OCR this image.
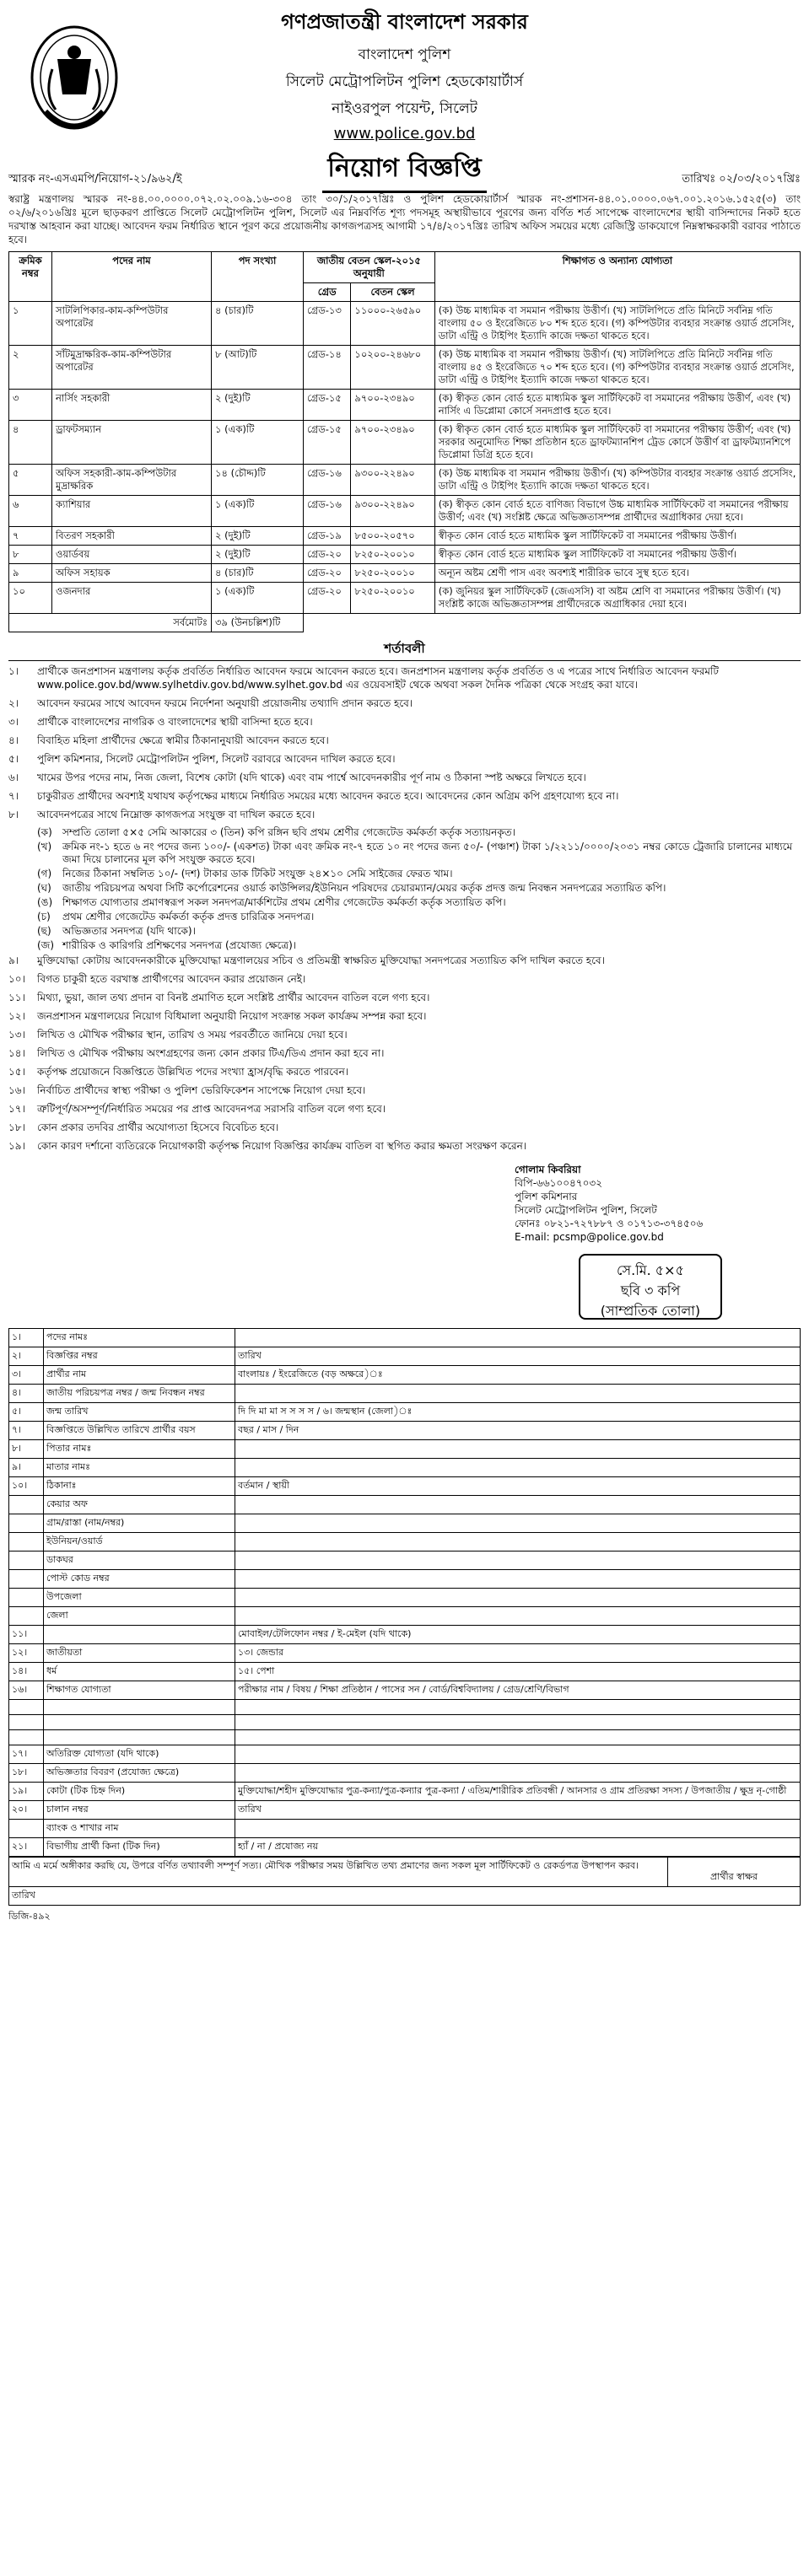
গণপ্রজাতন্ত্রী বাংলাদেশ সরকার
বাংলাদেশ পুলিশ
সিলেট মেট্রোপলিটন পুলিশ হেডকোয়ার্টার্স
নাইওরপুল পয়েন্ট, সিলেট
www.police.gov.bd
নিয়োগ বিজ্ঞপ্তি
স্মারক নং-এসএমপি/নিয়োগ-২১/৯৬২/ই	তারিখঃ ০২/০৩/২০১৭খ্রিঃ
স্বরাষ্ট্র মন্ত্রণালয় স্মারক নং-৪৪.০০.০০০০.০৭২.০২.০০৯.১৬-৩০৪ তাং ৩০/১/২০১৭খ্রিঃ ও পুলিশ হেডকোয়ার্টার্স স্মারক নং-প্রশাসন-৪৪.০১.০০০০.০৬৭.০০১.২০১৬.১৫২৫(৩) তাং ০২/৬/২০১৬খ্রিঃ মূলে ছাড়করণ প্রাপ্তিতে সিলেট মেট্রোপলিটন পুলিশ, সিলেট এর নিম্নবর্ণিত শূণ্য পদসমূহ অস্থায়ীভাবে পূরণের জন্য বর্ণিত শর্ত সাপেক্ষে বাংলাদেশের স্থায়ী বাসিন্দাদের নিকট হতে দরখাস্ত আহবান করা যাচ্ছে। আবেদন ফরম নির্ধারিত স্থানে পূরণ করে প্রয়োজনীয় কাগজপত্রসহ আগামী ১৭/৪/২০১৭খ্রিঃ তারিখ অফিস সময়ের মধ্যে রেজিস্ট্রি ডাকযোগে নিম্নস্বাক্ষরকারী বরাবর পাঠাতে হবে।
ক্রমিক নম্বর	পদের নাম	পদ সংখ্যা	জাতীয় বেতন স্কেল-২০১৫ অনুযায়ী		শিক্ষাগত ও অন্যান্য যোগ্যতা
			গ্রেড	বেতন স্কেল	
১	সাটলিপিকার-কাম-কম্পিউটার অপারেটর	৪ (চার)টি	গ্রেড-১৩	১১০০০-২৬৫৯০	(ক) উচ্চ মাধ্যমিক বা সমমান পরীক্ষায় উত্তীর্ণ। (খ) সাটলিপিতে প্রতি মিনিটে সর্বনিম্ন গতি বাংলায় ৫০ ও ইংরেজিতে ৮০ শব্দ হতে হবে। (গ) কম্পিউটার ব্যবহার সংক্রান্ত ওয়ার্ড প্রসেসিং, ডাটা এন্ট্রি ও টাইপিং ইত্যাদি কাজে দক্ষতা থাকতে হবে।
২	সাঁটমুদ্রাক্ষরিক-কাম-কম্পিউটার অপারেটর	৮ (আট)টি	গ্রেড-১৪	১০২০০-২৪৬৮০	(ক) উচ্চ মাধ্যমিক বা সমমান পরীক্ষায় উত্তীর্ণ। (খ) সাটলিপিতে প্রতি মিনিটে সর্বনিম্ন গতি বাংলায় ৪৫ ও ইংরেজিতে ৭০ শব্দ হতে হবে। (গ) কম্পিউটার ব্যবহার সংক্রান্ত ওয়ার্ড প্রসেসিং, ডাটা এন্ট্রি ও টাইপিং ইত্যাদি কাজে দক্ষতা থাকতে হবে।
৩	নার্সিং সহকারী	২ (দুই)টি	গ্রেড-১৫	৯৭০০-২৩৪৯০	(ক) স্বীকৃত কোন বোর্ড হতে মাধ্যমিক স্কুল সার্টিফিকেট বা সমমানের পরীক্ষায় উত্তীর্ণ, এবং (খ) নার্সিং এ ডিপ্লোমা কোর্সে সনদপ্রাপ্ত হতে হবে।
৪	ড্রাফটসম্যান	১ (এক)টি	গ্রেড-১৫	৯৭০০-২৩৪৯০	(ক) স্বীকৃত কোন বোর্ড হতে মাধ্যমিক স্কুল সার্টিফিকেট বা সমমানের পরীক্ষায় উত্তীর্ণ; এবং (খ) সরকার অনুমোদিত শিক্ষা প্রতিষ্ঠান হতে ড্রাফটম্যানশিপ ট্রেড কোর্সে উত্তীর্ণ বা ড্রাফটম্যানশিপে ডিপ্লোমা ডিগ্রি হতে হবে।
৫	অফিস সহকারী-কাম-কম্পিউটার মুদ্রাক্ষরিক	১৪ (চৌদ্দ)টি	গ্রেড-১৬	৯৩০০-২২৪৯০	(ক) উচ্চ মাধ্যমিক বা সমমান পরীক্ষায় উত্তীর্ণ। (খ) কম্পিউটার ব্যবহার সংক্রান্ত ওয়ার্ড প্রসেসিং, ডাটা এন্ট্রি ও টাইপিং ইত্যাদি কাজে দক্ষতা থাকতে হবে।
৬	ক্যাশিয়ার	১ (এক)টি	গ্রেড-১৬	৯৩০০-২২৪৯০	(ক) স্বীকৃত কোন বোর্ড হতে বাণিজ্য বিভাগে উচ্চ মাধ্যমিক সার্টিফিকেট বা সমমানের পরীক্ষায় উত্তীর্ণ; এবং (খ) সংশ্লিষ্ট ক্ষেত্রে অভিজ্ঞতাসম্পন্ন প্রার্থীদের অগ্রাধিকার দেয়া হবে।
৭	বিতরণ সহকারী	২ (দুই)টি	গ্রেড-১৯	৮৫০০-২০৫৭০	স্বীকৃত কোন বোর্ড হতে মাধ্যমিক স্কুল সার্টিফিকেট বা সমমানের পরীক্ষায় উত্তীর্ণ।
৮	ওয়ার্ডবয়	২ (দুই)টি	গ্রেড-২০	৮২৫০-২০০১০	স্বীকৃত কোন বোর্ড হতে মাধ্যমিক স্কুল সার্টিফিকেট বা সমমানের পরীক্ষায় উত্তীর্ণ।
৯	অফিস সহায়ক	৪ (চার)টি	গ্রেড-২০	৮২৫০-২০০১০	অন্যূন অষ্টম শ্রেণী পাস এবং অবশ্যই শারীরিক ভাবে সুস্থ হতে হবে।
১০	ওজনদার	১ (এক)টি	গ্রেড-২০	৮২৫০-২০০১০	(ক) জুনিয়র স্কুল সার্টিফিকেট (জেএসসি) বা অষ্টম শ্রেণি বা সমমানের পরীক্ষায় উত্তীর্ণ। (খ) সংশ্লিষ্ট কাজে অভিজ্ঞতাসম্পন্ন প্রার্থীদেরকে অগ্রাধিকার দেয়া হবে।
সর্বমোটঃ		৩৯ (উনচল্লিশ)টি			
শর্তাবলী
১।	প্রার্থীকে জনপ্রশাসন মন্ত্রণালয় কর্তৃক প্রবর্তিত নির্ধারিত আবেদন ফরমে আবেদন করতে হবে। জনপ্রশাসন মন্ত্রণালয় কর্তৃক প্রবর্তিত ও এ পত্রের সাথে নির্ধারিত আবেদন ফরমটি www.police.gov.bd/www.sylhetdiv.gov.bd/www.sylhet.gov.bd এর ওয়েবসাইট থেকে অথবা সকল দৈনিক পত্রিকা থেকে সংগ্রহ করা যাবে।
২।	আবেদন ফরমের সাথে আবেদন ফরমে নির্দেশনা অনুযায়ী প্রয়োজনীয় তথ্যাদি প্রদান করতে হবে।
৩।	প্রার্থীকে বাংলাদেশের নাগরিক ও বাংলাদেশের স্থায়ী বাসিন্দা হতে হবে।
৪।	বিবাহিত মহিলা প্রার্থীদের ক্ষেত্রে স্বামীর ঠিকানানুযায়ী আবেদন করতে হবে।
৫।	পুলিশ কমিশনার, সিলেট মেট্রোপলিটন পুলিশ, সিলেট বরাবরে আবেদন দাখিল করতে হবে।
৬।	খামের উপর পদের নাম, নিজ জেলা, বিশেষ কোটা (যদি থাকে) এবং বাম পার্শ্বে আবেদনকারীর পূর্ণ নাম ও ঠিকানা স্পষ্ট অক্ষরে লিখতে হবে।
৭।	চাকুরীরত প্রার্থীদের অবশ্যই যথাযথ কর্তৃপক্ষের মাধ্যমে নির্ধারিত সময়ের মধ্যে আবেদন করতে হবে। আবেদনের কোন অগ্রিম কপি গ্রহণযোগ্য হবে না।
৮।	আবেদনপত্রের সাথে নিম্নোক্ত কাগজপত্র সংযুক্ত বা দাখিল করতে হবে।
(ক)	সম্প্রতি তোলা ৫×৫ সেমি আকারের ৩ (তিন) কপি রঙ্গিন ছবি প্রথম শ্রেণীর গেজেটেড কর্মকর্তা কর্তৃক সত্যায়নকৃত।
(খ)	ক্রমিক নং-১ হতে ৬ নং পদের জন্য ১০০/- (একশত) টাকা এবং ক্রমিক নং-৭ হতে ১০ নং পদের জন্য ৫০/- (পঞ্চাশ) টাকা ১/২২১১/০০০০/২০৩১ নম্বর কোডে ট্রেজারি চালানের মাধ্যমে জমা দিয়ে চালানের মূল কপি সংযুক্ত করতে হবে।
(গ)	নিজের ঠিকানা সম্বলিত ১০/- (দশ) টাকার ডাক টিকিট সংযুক্ত ২৪×১০ সেমি সাইজের ফেরত খাম।
(ঘ)	জাতীয় পরিচয়পত্র অথবা সিটি কর্পোরেশনের ওয়ার্ড কাউন্সিলর/ইউনিয়ন পরিষদের চেয়ারম্যান/মেয়র কর্তৃক প্রদত্ত জন্ম নিবন্ধন সনদপত্রের সত্যায়িত কপি।
(ঙ) শিক্ষাগত যোগ্যতার প্রমাণস্বরূপ সকল সনদপত্র/মার্কশিটের প্রথম শ্রেণীর গেজেটেড কর্মকর্তা কর্তৃক সত্যায়িত কপি।
(চ)	প্রথম শ্রেণীর গেজেটেড কর্মকর্তা কর্তৃক প্রদত্ত চারিত্রিক সনদপত্র।
(ছ)	অভিজ্ঞতার সনদপত্র (যদি থাকে)।
(জ) শারীরিক ও কারিগরি প্রশিক্ষণের সনদপত্র (প্রযোজ্য ক্ষেত্রে)।
৯।	মুক্তিযোদ্ধা কোটায় আবেদনকারীকে মুক্তিযোদ্ধা মন্ত্রণালয়ের সচিব ও প্রতিমন্ত্রী স্বাক্ষরিত মুক্তিযোদ্ধা সনদপত্রের সত্যায়িত কপি দাখিল করতে হবে।
১০।	বিগত চাকুরী হতে বরখাস্ত প্রার্থীগণের আবেদন করার প্রয়োজন নেই।
১১।	মিথ্যা, ভুয়া, জাল তথ্য প্রদান বা বিনষ্ট প্রমাণিত হলে সংশ্লিষ্ট প্রার্থীর আবেদন বাতিল বলে গণ্য হবে।
১২।	জনপ্রশাসন মন্ত্রণালয়ের নিয়োগ বিধিমালা অনুযায়ী নিয়োগ সংক্রান্ত সকল কার্যক্রম সম্পন্ন করা হবে।
১৩।	লিখিত ও মৌখিক পরীক্ষার স্থান, তারিখ ও সময় পরবর্তীতে জানিয়ে দেয়া হবে।
১৪।	লিখিত ও মৌখিক পরীক্ষায় অংশগ্রহণের জন্য কোন প্রকার টিএ/ডিএ প্রদান করা হবে না।
১৫।	কর্তৃপক্ষ প্রয়োজনে বিজ্ঞপ্তিতে উল্লিখিত পদের সংখ্যা হ্রাস/বৃদ্ধি করতে পারবেন।
১৬।	নির্বাচিত প্রার্থীদের স্বাস্থ্য পরীক্ষা ও পুলিশ ভেরিফিকেশন সাপেক্ষে নিয়োগ দেয়া হবে।
১৭।	ত্রুটিপূর্ণ/অসম্পূর্ণ/নির্ধারিত সময়ের পর প্রাপ্ত আবেদনপত্র সরাসরি বাতিল বলে গণ্য হবে।
১৮।	কোন প্রকার তদবির প্রার্থীর অযোগ্যতা হিসেবে বিবেচিত হবে।
১৯।	কোন কারণ দর্শানো ব্যতিরেকে নিয়োগকারী কর্তৃপক্ষ নিয়োগ বিজ্ঞপ্তির কার্যক্রম বাতিল বা স্থগিত করার ক্ষমতা সংরক্ষণ করেন।
গোলাম কিবরিয়া
বিপি-৬৬১০০৪৭০৩২
পুলিশ কমিশনার
সিলেট মেট্রোপলিটন পুলিশ, সিলেট
ফোনঃ ০৮২১-৭২৭৮৮৭ ও ০১৭১৩-৩৭৪৫০৬
E-mail: pcsmp@police.gov.bd
সে.মি. ৫×৫
ছবি ৩ কপি
(সাম্প্রতিক তোলা)
১।	পদের নামঃ	
২।	বিজ্ঞপ্তির নম্বর	তারিখ
৩।	প্রার্থীর নাম	বাংলায়ঃ / ইংরেজিতে (বড় অক্ষরে)ঃ
৪।	জাতীয় পরিচয়পত্র নম্বর / জন্ম নিবন্ধন নম্বর	
৫।	জন্ম তারিখ	দি দি মা মা স স স স / ৬। জন্মস্থান (জেলা)ঃ
৭।	বিজ্ঞপ্তিতে উল্লিখিত তারিখে প্রার্থীর বয়স	বছর / মাস / দিন
৮।	পিতার নামঃ	
৯।	মাতার নামঃ	
১০।	ঠিকানাঃ	বর্তমান / স্থায়ী
	কেয়ার অফ	
	গ্রাম/রাস্তা (নাম/নম্বর)	
	ইউনিয়ন/ওয়ার্ড	
	ডাকঘর	
	পোস্ট কোড নম্বর	
	উপজেলা	
	জেলা	
১১।		মোবাইল/টেলিফোন নম্বর / ই-মেইল (যদি থাকে)
১২।	জাতীয়তা	১৩। জেন্ডার
১৪।	ধর্ম	১৫। পেশা
১৬।	শিক্ষাগত যোগ্যতা	পরীক্ষার নাম / বিষয় / শিক্ষা প্রতিষ্ঠান / পাসের সন / বোর্ড/বিশ্ববিদ্যালয় / গ্রেড/শ্রেণি/বিভাগ

১৭।	অতিরিক্ত যোগ্যতা (যদি থাকে)	
১৮।	অভিজ্ঞতার বিবরণ (প্রযোজ্য ক্ষেত্রে)	
১৯।	কোটা (টিক চিহ্ন দিন)	মুক্তিযোদ্ধা/শহীদ মুক্তিযোদ্ধার পুত্র-কন্যা/পুত্র-কন্যার পুত্র-কন্যা / এতিম/শারীরিক প্রতিবন্ধী / আনসার ও গ্রাম প্রতিরক্ষা সদস্য / উপজাতীয় / ক্ষুদ্র নৃ-গোষ্ঠী
২০।	চালান নম্বর	তারিখ
	ব্যাংক ও শাখার নাম	
২১।	বিভাগীয় প্রার্থী কিনা (টিক দিন)	হ্যাঁ / না / প্রযোজ্য নয়
আমি এ মর্মে অঙ্গীকার করছি যে, উপরে বর্ণিত তথ্যাবলী সম্পূর্ণ সত্য। মৌখিক পরীক্ষার সময় উল্লিখিত তথ্য প্রমাণের জন্য সকল মূল সার্টিফিকেট ও রেকর্ডপত্র উপস্থাপন করব।	প্রার্থীর স্বাক্ষর
তারিখ
ডিজি-৪৯২
